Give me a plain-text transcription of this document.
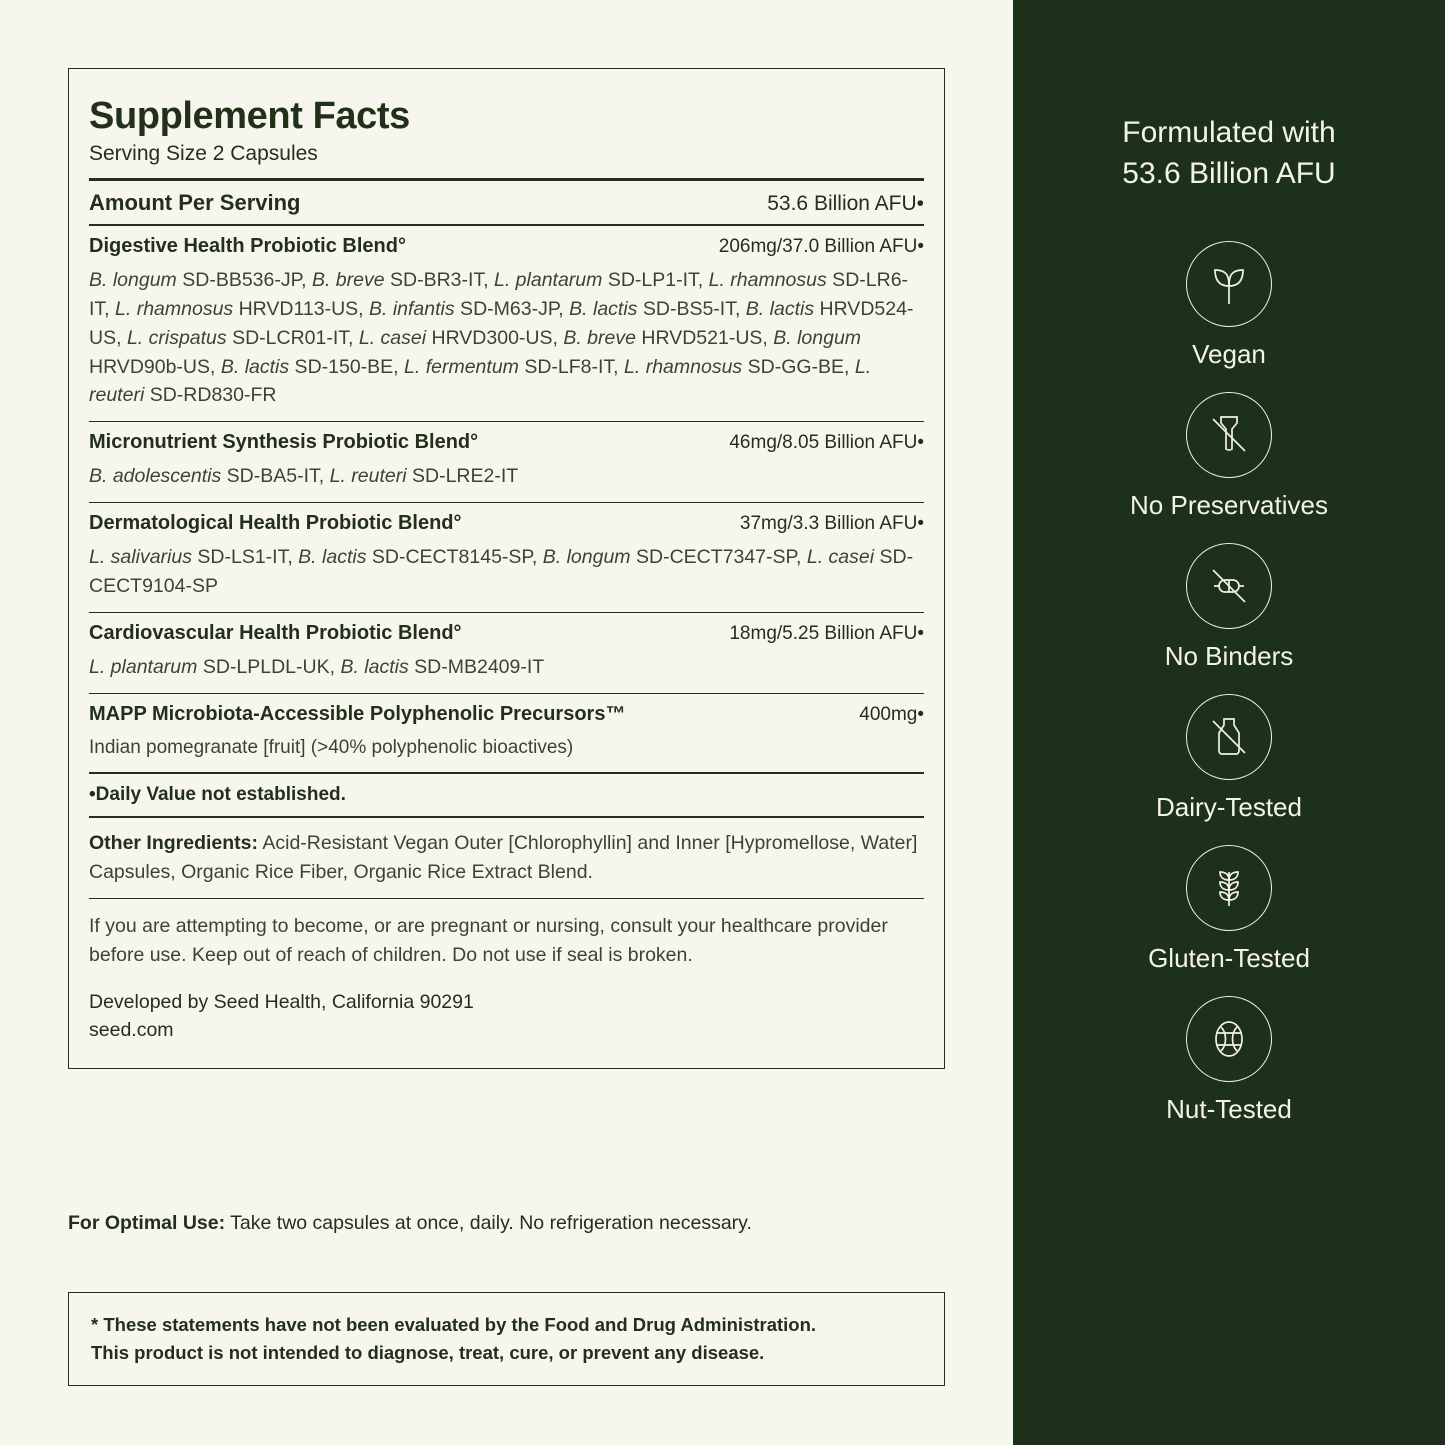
Supplement Facts
Serving Size 2 Capsules
Amount Per Serving	53.6 Billion AFU•
Digestive Health Probiotic Blend°	206mg/37.0 Billion AFU•
B. longum SD-BB536-JP, B. breve SD-BR3-IT, L. plantarum SD-LP1-IT, L. rhamnosus SD-LR6-IT, L. rhamnosus HRVD113-US, B. infantis SD-M63-JP, B. lactis SD-BS5-IT, B. lactis HRVD524-US, L. crispatus SD-LCR01-IT, L. casei HRVD300-US, B. breve HRVD521-US, B. longum HRVD90b-US, B. lactis SD-150-BE, L. fermentum SD-LF8-IT, L. rhamnosus SD-GG-BE, L. reuteri SD-RD830-FR
Micronutrient Synthesis Probiotic Blend°	46mg/8.05 Billion AFU•
B. adolescentis SD-BA5-IT, L. reuteri SD-LRE2-IT
Dermatological Health Probiotic Blend°	37mg/3.3 Billion AFU•
L. salivarius SD-LS1-IT, B. lactis SD-CECT8145-SP, B. longum SD-CECT7347-SP, L. casei SD-CECT9104-SP
Cardiovascular Health Probiotic Blend°	18mg/5.25 Billion AFU•
L. plantarum SD-LPLDL-UK, B. lactis SD-MB2409-IT
MAPP Microbiota-Accessible Polyphenolic Precursors™	400mg•
Indian pomegranate [fruit] (>40% polyphenolic bioactives)
•Daily Value not established.
Other Ingredients: Acid-Resistant Vegan Outer [Chlorophyllin] and Inner [Hypromellose, Water] Capsules, Organic Rice Fiber, Organic Rice Extract Blend.
If you are attempting to become, or are pregnant or nursing, consult your healthcare provider before use. Keep out of reach of children. Do not use if seal is broken.
Developed by Seed Health, California 90291
seed.com
For Optimal Use: Take two capsules at once, daily. No refrigeration necessary.
* These statements have not been evaluated by the Food and Drug Administration.
This product is not intended to diagnose, treat, cure, or prevent any disease.
Formulated with
53.6 Billion AFU
Vegan
No Preservatives
No Binders
Dairy-Tested
Gluten-Tested
Nut-Tested
